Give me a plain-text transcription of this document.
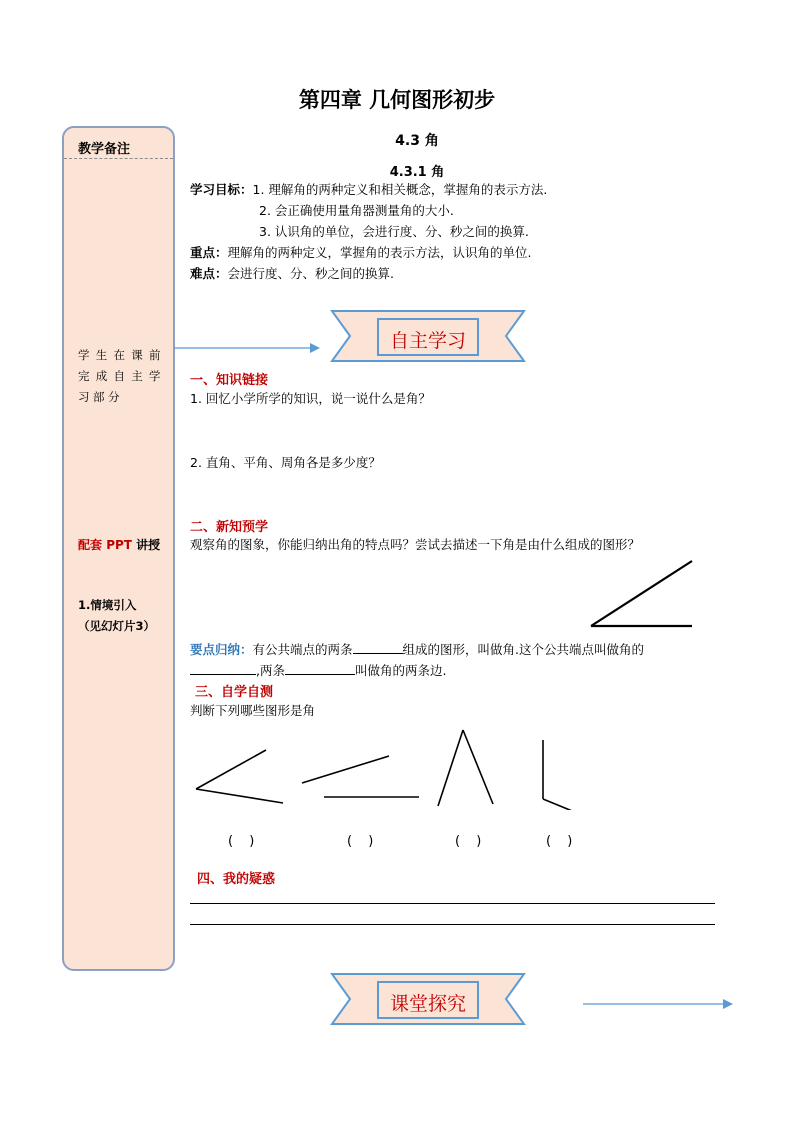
第四章 几何图形初步
教学备注
学生在课前完成自主学习部分
配套 PPT 讲授
1.情境引入
（见幻灯片3）
4.3 角
4.3.1 角
学习目标：1. 理解角的两种定义和相关概念，掌握角的表示方法.
2. 会正确使用量角器测量角的大小.
3. 认识角的单位，会进行度、分、秒之间的换算.
重点：理解角的两种定义，掌握角的表示方法，认识角的单位.
难点：会进行度、分、秒之间的换算.
自主学习
一、知识链接
1. 回忆小学所学的知识，说一说什么是角？
2. 直角、平角、周角各是多少度？
二、新知预学
观察角的图象，你能归纳出角的特点吗？尝试去描述一下角是由什么组成的图形？
要点归纳：有公共端点的两条	组成的图形，叫做角.这个公共端点叫做角的
,两条	叫做角的两条边.
三、自学自测
判断下列哪些图形是角
( )	( )	( )	( )
四、我的疑惑
课堂探究
